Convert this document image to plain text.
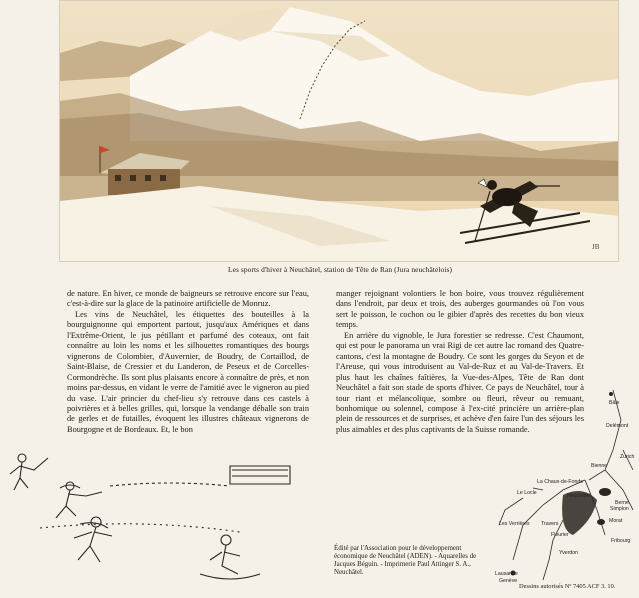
ЈВ
Les sports d'hiver à Neuchâtel, station de Tête de Ran (Jura neuchâtelois)

de nature. En hiver, ce monde de baigneurs se retrouve encore sur l'eau, c'est-à-dire sur la glace de la patinoire artificielle de Monruz.

Les vins de Neuchâtel, les étiquettes des bouteilles à la bourguignonne qui emportent partout, jusqu'aux Amériques et dans l'Extrême-Orient, le jus pétillant et parfumé des coteaux, ont fait connaître au loin les noms et les silhouettes romantiques des bourgs vignerons de Colombier, d'Auvernier, de Boudry, de Cortaillod, de Saint-Blaise, de Cressier et du Landeron, de Peseux et de Corcelles-Cormondrèche. Ils sont plus plaisants encore à connaître de près, et non moins par-dessus, en vidant le verre de l'amitié avec le vigneron au pied du vase. L'air princier du chef-lieu s'y retrouve dans ces castels à poivrières et à belles grilles, qui, lorsque la vendange déballe son train de gerles et de futailles, évoquent les illustres châteaux vignerons de Bourgogne et de Bordeaux. Et, le bon

manger rejoignant volontiers le bon boire, vous trouvez régulièrement dans l'endroit, par deux et trois, des auberges gourmandes où l'on vous sert le poisson, le cochon ou le gibier d'après des recettes du bon vieux temps.

En arrière du vignoble, le Jura forestier se redresse. C'est Chaumont, qui est pour le panorama un vrai Rigi de cet autre lac romand des Quatre-cantons, c'est la montagne de Boudry. Ce sont les gorges du Seyon et de l'Areuse, qui vous introduisent au Val-de-Ruz et au Val-de-Travers. Et plus haut les chaînes faîtières, la Vue-des-Alpes, Tête de Ran dont Neuchâtel a fait son stade de sports d'hiver. Ce pays de Neuchâtel, tour à tour riant et mélancolique, sombre ou fleuri, rêveur ou remuant, bonhomique ou solennel, compose à l'ex-cité princière un arrière-plan plein de ressources et de surprises, et achève d'en faire l'un des séjours les plus aimables et des plus captivants de la Suisse romande.

Édité par l'Association pour le développement économique de Neuchâtel (ADEN). - Aquarelles de Jacques Béguin. - Imprimerie Paul Attinger S. A., Neuchâtel.
Bâle
Delémont
Zurich
Bienne
La Chaux-de-Fonds
Le Locle	Neuchâtel
Berne
Simplon
Les Verrières Travers	Morat
Fleurier
Fribourg
Yverdon
Lausanne
Genève
Dessins autorisés Nº 7405 ACF 3. 10.
